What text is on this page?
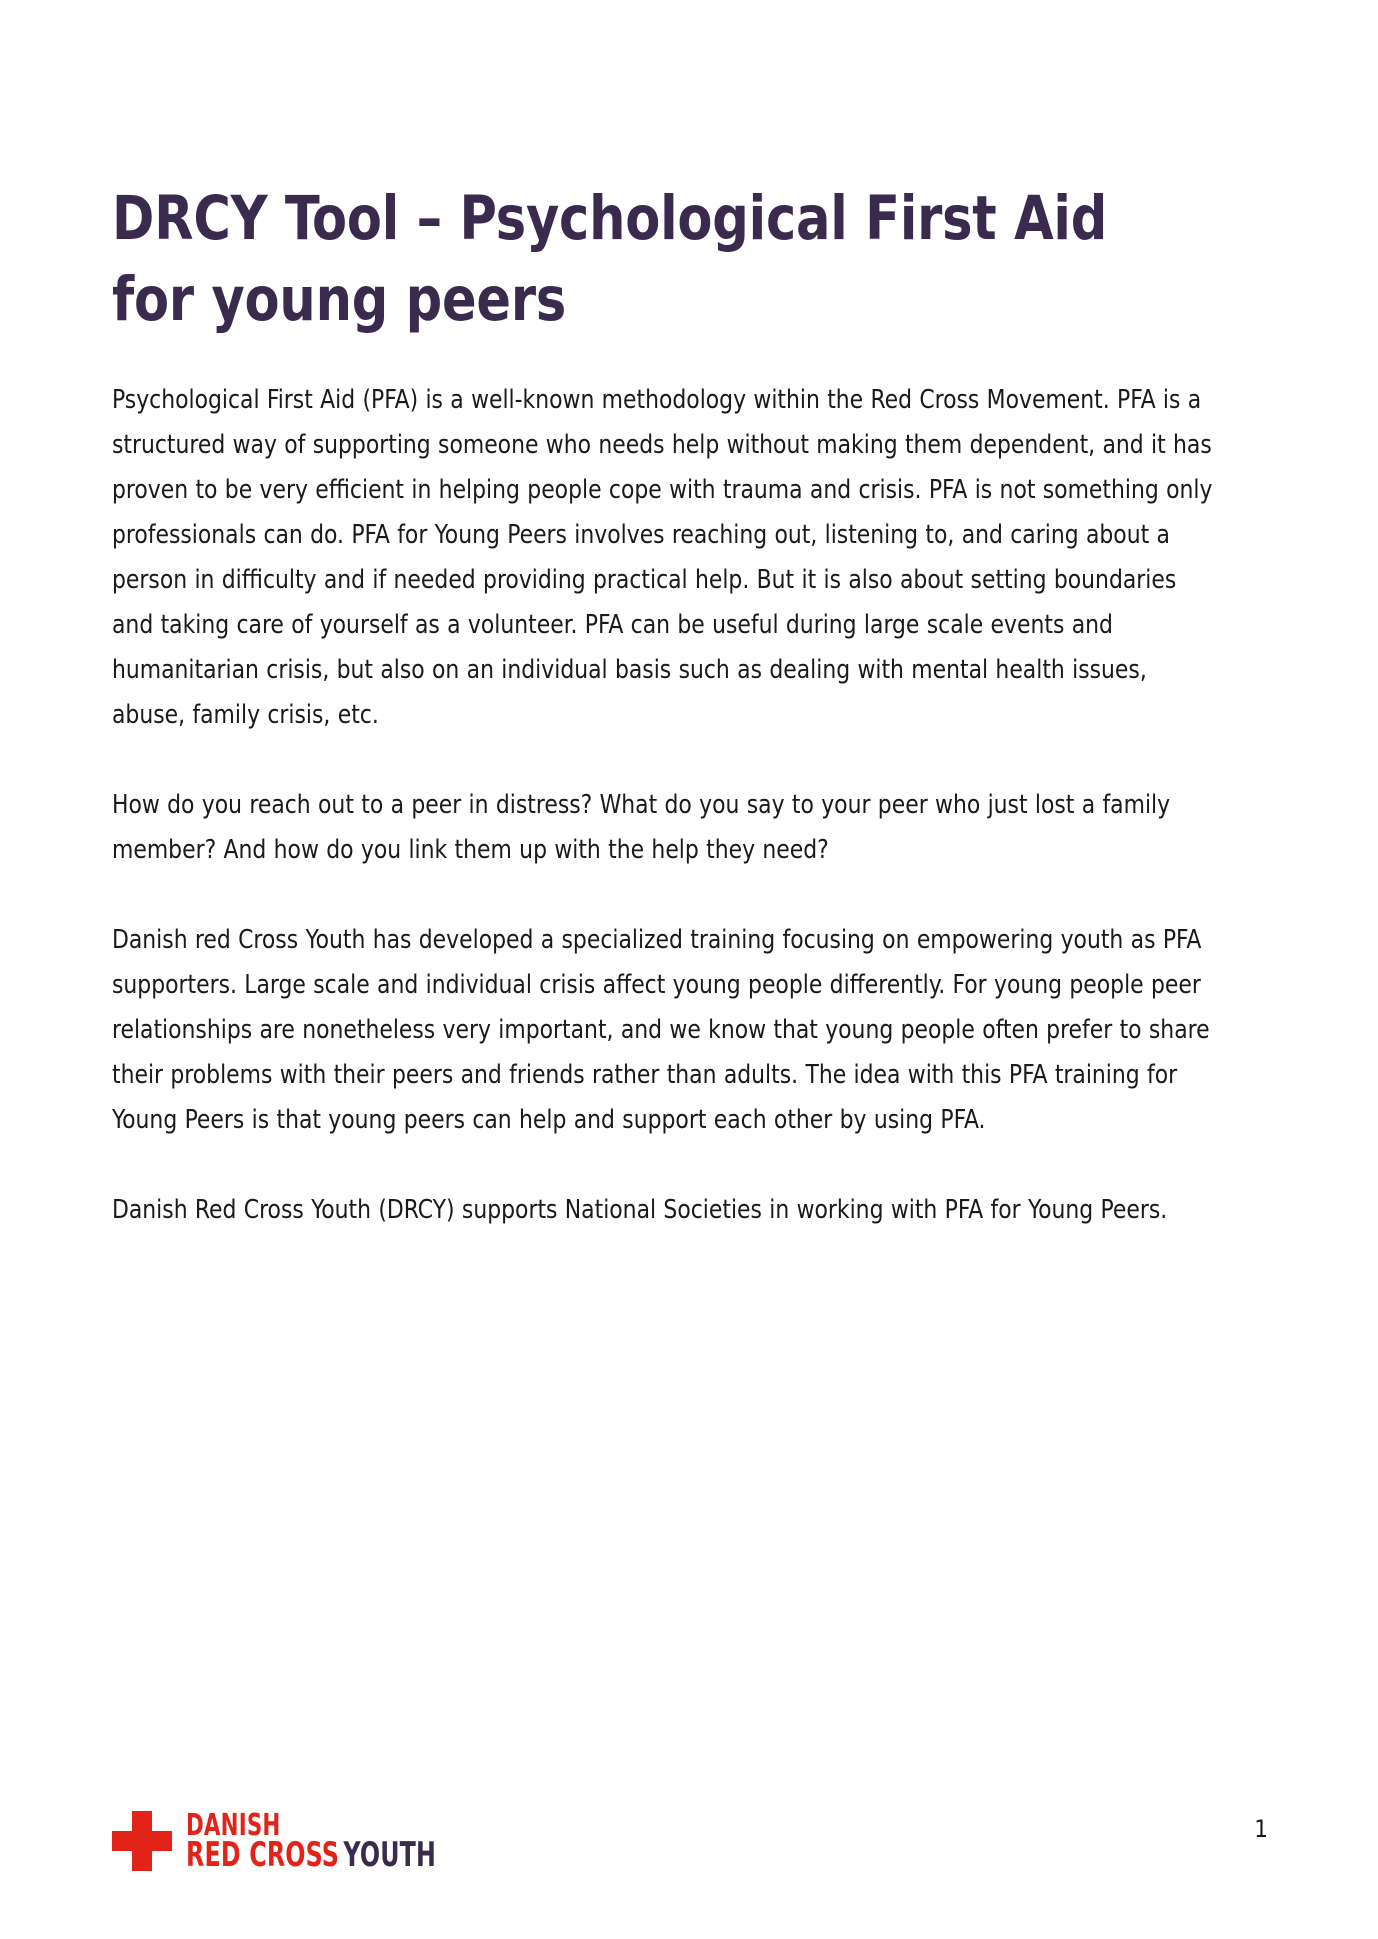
DRCY Tool – Psychological First Aid for young peers

Psychological First Aid (PFA) is a well-known methodology within the Red Cross Movement. PFA is a structured way of supporting someone who needs help without making them dependent, and it has proven to be very efficient in helping people cope with trauma and crisis. PFA is not something only professionals can do. PFA for Young Peers involves reaching out, listening to, and caring about a person in difficulty and if needed providing practical help. But it is also about setting boundaries and taking care of yourself as a volunteer. PFA can be useful during large scale events and humanitarian crisis, but also on an individual basis such as dealing with mental health issues, abuse, family crisis, etc.

How do you reach out to a peer in distress? What do you say to your peer who just lost a family member? And how do you link them up with the help they need?

Danish red Cross Youth has developed a specialized training focusing on empowering youth as PFA supporters. Large scale and individual crisis affect young people differently. For young people peer relationships are nonetheless very important, and we know that young people often prefer to share their problems with their peers and friends rather than adults. The idea with this PFA training for Young Peers is that young peers can help and support each other by using PFA.

Danish Red Cross Youth (DRCY) supports National Societies in working with PFA for Young Peers.

DANISH
RED CROSS YOUTH
1
